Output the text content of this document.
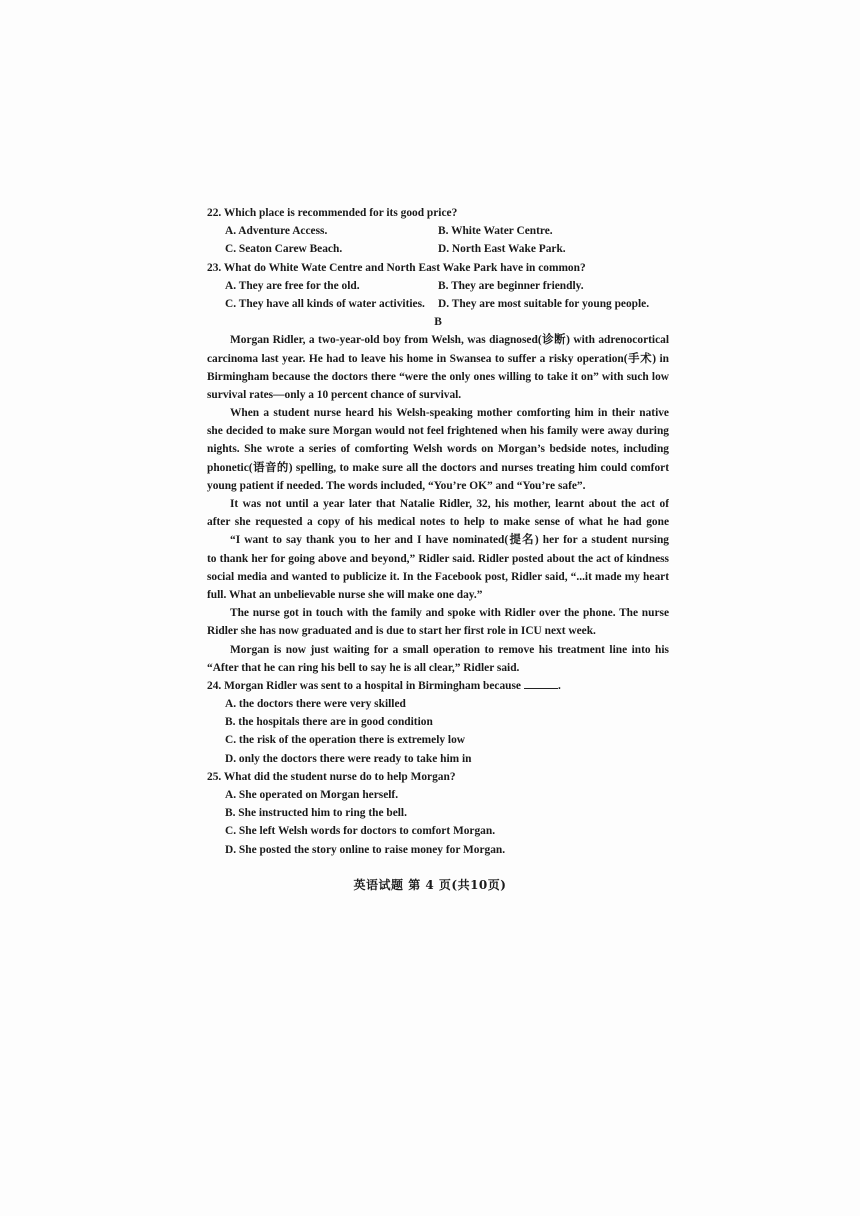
22. Which place is recommended for its good price?
A. Adventure Access.	B. White Water Centre.
C. Seaton Carew Beach.	D. North East Wake Park.
23. What do White Wate Centre and North East Wake Park have in common?
A. They are free for the old.	B. They are beginner friendly.
C. They have all kinds of water activities.	D. They are most suitable for young people.
B
Morgan Ridler, a two-year-old boy from Welsh, was diagnosed(诊断) with adrenocortical
carcinoma last year. He had to leave his home in Swansea to suffer a risky operation(手术) in
Birmingham because the doctors there “were the only ones willing to take it on” with such low
survival rates—only a 10 percent chance of survival.
When a student nurse heard his Welsh-speaking mother comforting him in their native
she decided to make sure Morgan would not feel frightened when his family were away during
nights. She wrote a series of comforting Welsh words on Morgan’s bedside notes, including
phonetic(语音的) spelling, to make sure all the doctors and nurses treating him could comfort
young patient if needed. The words included, “You’re OK” and “You’re safe”.
It was not until a year later that Natalie Ridler, 32, his mother, learnt about the act of
after she requested a copy of his medical notes to help to make sense of what he had gone
“I want to say thank you to her and I have nominated(提名) her for a student nursing
to thank her for going above and beyond,” Ridler said. Ridler posted about the act of kindness
social media and wanted to publicize it. In the Facebook post, Ridler said, “...it made my heart
full. What an unbelievable nurse she will make one day.”
The nurse got in touch with the family and spoke with Ridler over the phone. The nurse
Ridler she has now graduated and is due to start her first role in ICU next week.
Morgan is now just waiting for a small operation to remove his treatment line into his
“After that he can ring his bell to say he is all clear,” Ridler said.
24. Morgan Ridler was sent to a hospital in Birmingham because	.
A. the doctors there were very skilled
B. the hospitals there are in good condition
C. the risk of the operation there is extremely low
D. only the doctors there were ready to take him in
25. What did the student nurse do to help Morgan?
A. She operated on Morgan herself.
B. She instructed him to ring the bell.
C. She left Welsh words for doctors to comfort Morgan.
D. She posted the story online to raise money for Morgan.
英语试题 第 4 页(共10页)
